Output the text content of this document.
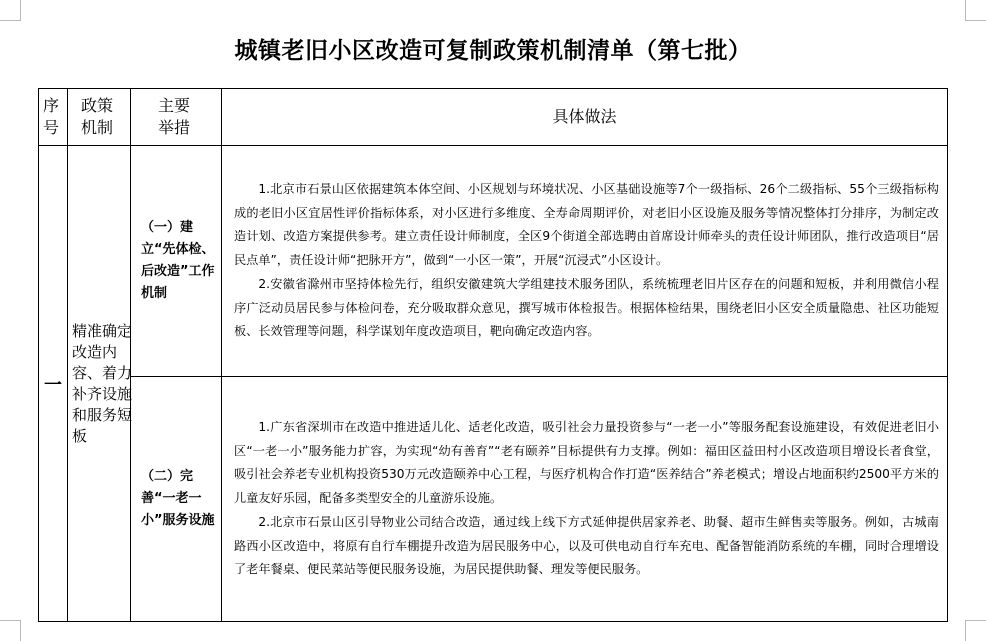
城镇老旧小区改造可复制政策机制清单（第七批）
序号	政策机制	主要举措	具体做法
一	精准确定改造内容、着力补齐设施和服务短板	（一）建立“先体检、后改造”工作机制	1.北京市石景山区依据建筑本体空间、小区规划与环境状况、小区基础设施等7个一级指标、26个二级指标、55个三级指标构成的老旧小区宜居性评价指标体系，对小区进行多维度、全寿命周期评价，对老旧小区设施及服务等情况整体打分排序，为制定改造计划、改造方案提供参考。建立责任设计师制度，全区9个街道全部选聘由首席设计师牵头的责任设计师团队，推行改造项目“居民点单”，责任设计师“把脉开方”，做到“一小区一策”，开展“沉浸式”小区设计。

2.安徽省滁州市坚持体检先行，组织安徽建筑大学组建技术服务团队，系统梳理老旧片区存在的问题和短板，并利用微信小程序广泛动员居民参与体检问卷，充分吸取群众意见，撰写城市体检报告。根据体检结果，围绕老旧小区安全质量隐患、社区功能短板、长效管理等问题，科学谋划年度改造项目，靶向确定改造内容。

		（二）完善“一老一小”服务设施	1.广东省深圳市在改造中推进适儿化、适老化改造，吸引社会力量投资参与“一老一小”等服务配套设施建设，有效促进老旧小区“一老一小”服务能力扩容，为实现“幼有善育”“老有颐养”目标提供有力支撑。例如：福田区益田村小区改造项目增设长者食堂，吸引社会养老专业机构投资530万元改造颐养中心工程，与医疗机构合作打造“医养结合”养老模式；增设占地面积约2500平方米的儿童友好乐园，配备多类型安全的儿童游乐设施。

2.北京市石景山区引导物业公司结合改造，通过线上线下方式延伸提供居家养老、助餐、超市生鲜售卖等服务。例如，古城南路西小区改造中，将原有自行车棚提升改造为居民服务中心，以及可供电动自行车充电、配备智能消防系统的车棚，同时合理增设了老年餐桌、便民菜站等便民服务设施，为居民提供助餐、理发等便民服务。
